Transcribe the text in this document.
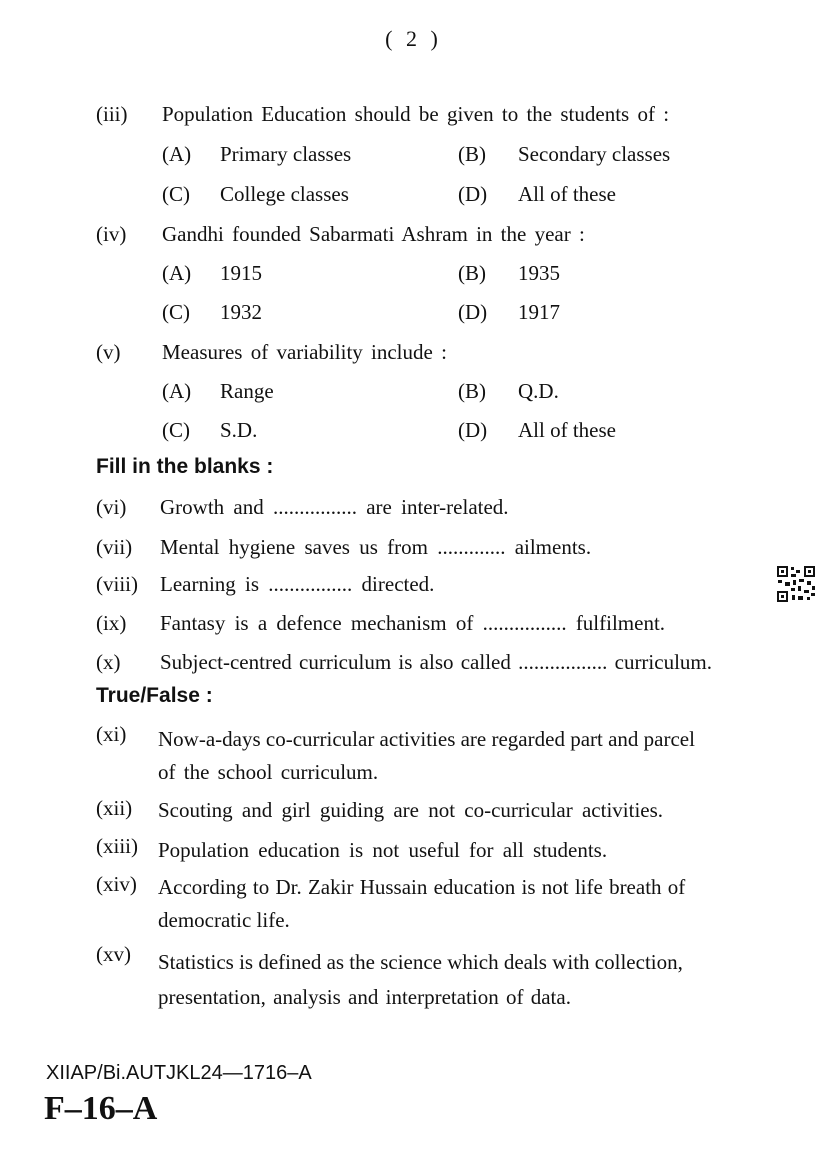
( 2 )
(iii) Population Education should be given to the students of :
(A) Primary classes	(B) Secondary classes
(C) College classes	(D) All of these
(iv) Gandhi founded Sabarmati Ashram in the year :
(A) 1915	(B) 1935
(C) 1932	(D) 1917
(v) Measures of variability include :
(A) Range	(B) Q.D.
(C) S.D.	(D) All of these
Fill in the blanks :
(vi) Growth and ................ are inter-related.
(vii) Mental hygiene saves us from ............. ailments.
(viii) Learning is ................ directed.
(ix) Fantasy is a defence mechanism of ................ fulfilment.
(x) Subject-centred curriculum is also called ................. curriculum.
True/False :
(xi) Now-a-days co-curricular activities are regarded part and parcel
of the school curriculum.
(xii) Scouting and girl guiding are not co-curricular activities.
(xiii) Population education is not useful for all students.
(xiv) According to Dr. Zakir Hussain education is not life breath of
democratic life.
(xv) Statistics is defined as the science which deals with collection,
presentation, analysis and interpretation of data.
XIIAP/Bi.AUTJKL24—1716–A
F–16–A
